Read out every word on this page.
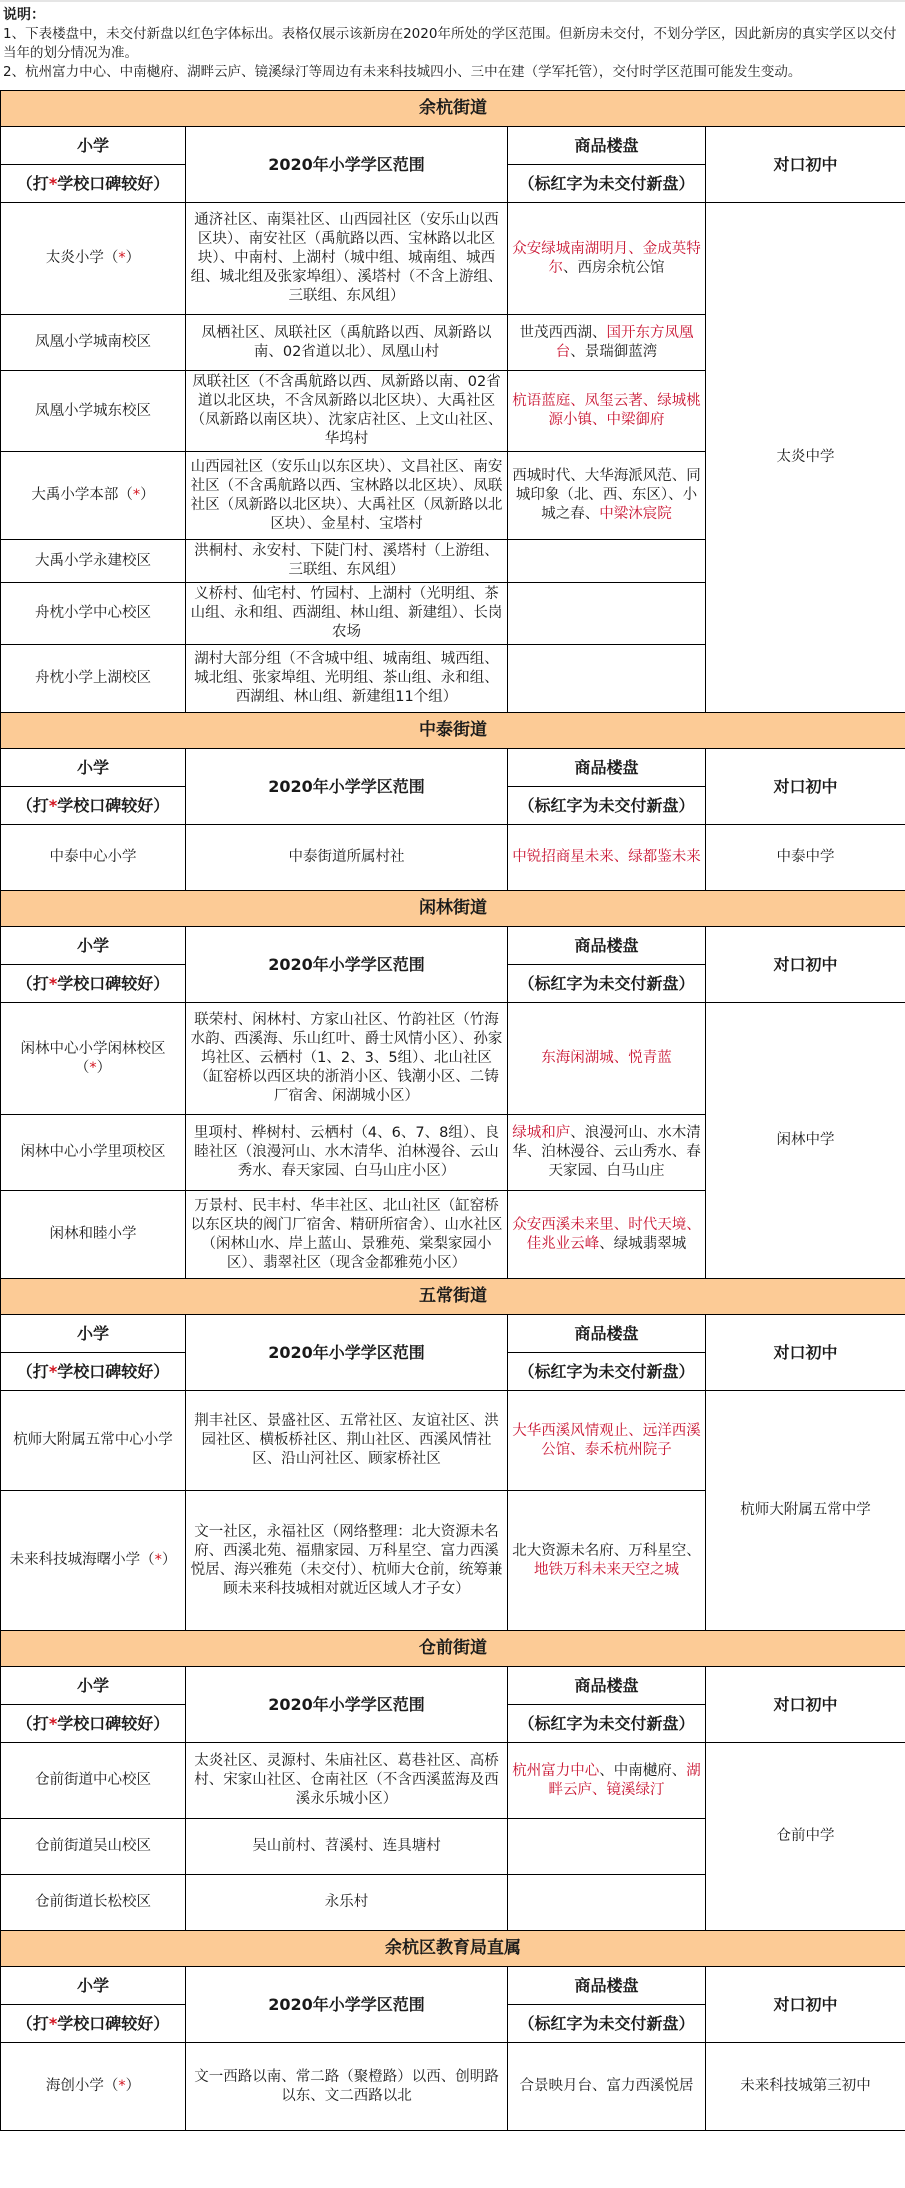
说明：
1、下表楼盘中，未交付新盘以红色字体标出。表格仅展示该新房在2020年所处的学区范围。但新房未交付，不划分学区，因此新房的真实学区以交付当年的划分情况为准。
2、杭州富力中心、中南樾府、湖畔云庐、镜溪绿汀等周边有未来科技城四小、三中在建（学军托管），交付时学区范围可能发生变动。
余杭街道			
小学	2020年小学学区范围	商品楼盘	对口初中
（打*学校口碑较好）		（标红字为未交付新盘）	
太炎小学（*）	通济社区、南渠社区、山西园社区（安乐山以西区块）、南安社区（禹航路以西、宝林路以北区块）、中南村、上湖村（城中组、城南组、城西组、城北组及张家埠组）、溪塔村（不含上游组、三联组、东风组）	众安绿城南湖明月、金成英特尔、西房余杭公馆	太炎中学
凤凰小学城南校区	凤栖社区、凤联社区（禹航路以西、凤新路以南、02省道以北）、凤凰山村	世茂西西湖、国开东方凤凰台、景瑞御蓝湾	
凤凰小学城东校区	凤联社区（不含禹航路以西、凤新路以南、02省道以北区块，不含凤新路以北区块）、大禹社区（凤新路以南区块）、沈家店社区、上文山社区、华坞村	杭语蓝庭、凤玺云著、绿城桃源小镇、中梁御府	
大禹小学本部（*）	山西园社区（安乐山以东区块）、文昌社区、南安社区（不含禹航路以西、宝林路以北区块）、凤联社区（凤新路以北区块）、大禹社区（凤新路以北区块）、金星村、宝塔村	西城时代、大华海派风范、同城印象（北、西、东区）、小城之春、中梁沐宸院	
大禹小学永建校区	洪桐村、永安村、下陡门村、溪塔村（上游组、三联组、东风组）		
舟枕小学中心校区	义桥村、仙宅村、竹园村、上湖村（光明组、茶山组、永和组、西湖组、林山组、新建组）、长岗农场		
舟枕小学上湖校区	湖村大部分组（不含城中组、城南组、城西组、城北组、张家埠组、光明组、茶山组、永和组、西湖组、林山组、新建组11个组）		
中泰街道			
小学	2020年小学学区范围	商品楼盘	对口初中
（打*学校口碑较好）		（标红字为未交付新盘）	
中泰中心小学	中泰街道所属村社	中锐招商星未来、绿都鉴未来	中泰中学
闲林街道			
小学	2020年小学学区范围	商品楼盘	对口初中
（打*学校口碑较好）		（标红字为未交付新盘）	
闲林中心小学闲林校区（*）	联荣村、闲林村、方家山社区、竹韵社区（竹海水韵、西溪海、乐山红叶、爵士风情小区）、孙家坞社区、云栖村（1、2、3、5组）、北山社区（缸窑桥以西区块的浙消小区、钱潮小区、二铸厂宿舍、闲湖城小区）	东海闲湖城、悦青蓝	闲林中学
闲林中心小学里项校区	里项村、桦树村、云栖村（4、6、7、8组）、良睦社区（浪漫河山、水木清华、泊林漫谷、云山秀水、春天家园、白马山庄小区）	绿城和庐、浪漫河山、水木清华、泊林漫谷、云山秀水、春天家园、白马山庄	
闲林和睦小学	万景村、民丰村、华丰社区、北山社区（缸窑桥以东区块的阀门厂宿舍、精研所宿舍）、山水社区（闲林山水、岸上蓝山、景雅苑、棠梨家园小区）、翡翠社区（现含金都雅苑小区）	众安西溪未来里、时代天境、佳兆业云峰、绿城翡翠城	
五常街道			
小学	2020年小学学区范围	商品楼盘	对口初中
（打*学校口碑较好）		（标红字为未交付新盘）	
杭师大附属五常中心小学	荆丰社区、景盛社区、五常社区、友谊社区、洪园社区、横板桥社区、荆山社区、西溪风情社区、沿山河社区、顾家桥社区	大华西溪风情观止、远洋西溪公馆、泰禾杭州院子	杭师大附属五常中学
未来科技城海曙小学（*）	文一社区，永福社区（网络整理：北大资源未名府、西溪北苑、福鼎家园、万科星空、富力西溪悦居、海兴雅苑（未交付）、杭师大仓前，统筹兼顾未来科技城相对就近区域人才子女）	北大资源未名府、万科星空、地铁万科未来天空之城	
仓前街道			
小学	2020年小学学区范围	商品楼盘	对口初中
（打*学校口碑较好）		（标红字为未交付新盘）	
仓前街道中心校区	太炎社区、灵源村、朱庙社区、葛巷社区、高桥村、宋家山社区、仓南社区（不含西溪蓝海及西溪永乐城小区）	杭州富力中心、中南樾府、湖畔云庐、镜溪绿汀	仓前中学
仓前街道吴山校区	吴山前村、苕溪村、连具塘村		
仓前街道长松校区	永乐村		
余杭区教育局直属			
小学	2020年小学学区范围	商品楼盘	对口初中
（打*学校口碑较好）		（标红字为未交付新盘）	
海创小学（*）	文一西路以南、常二路（聚橙路）以西、创明路以东、文二西路以北	合景映月台、富力西溪悦居	未来科技城第三初中
